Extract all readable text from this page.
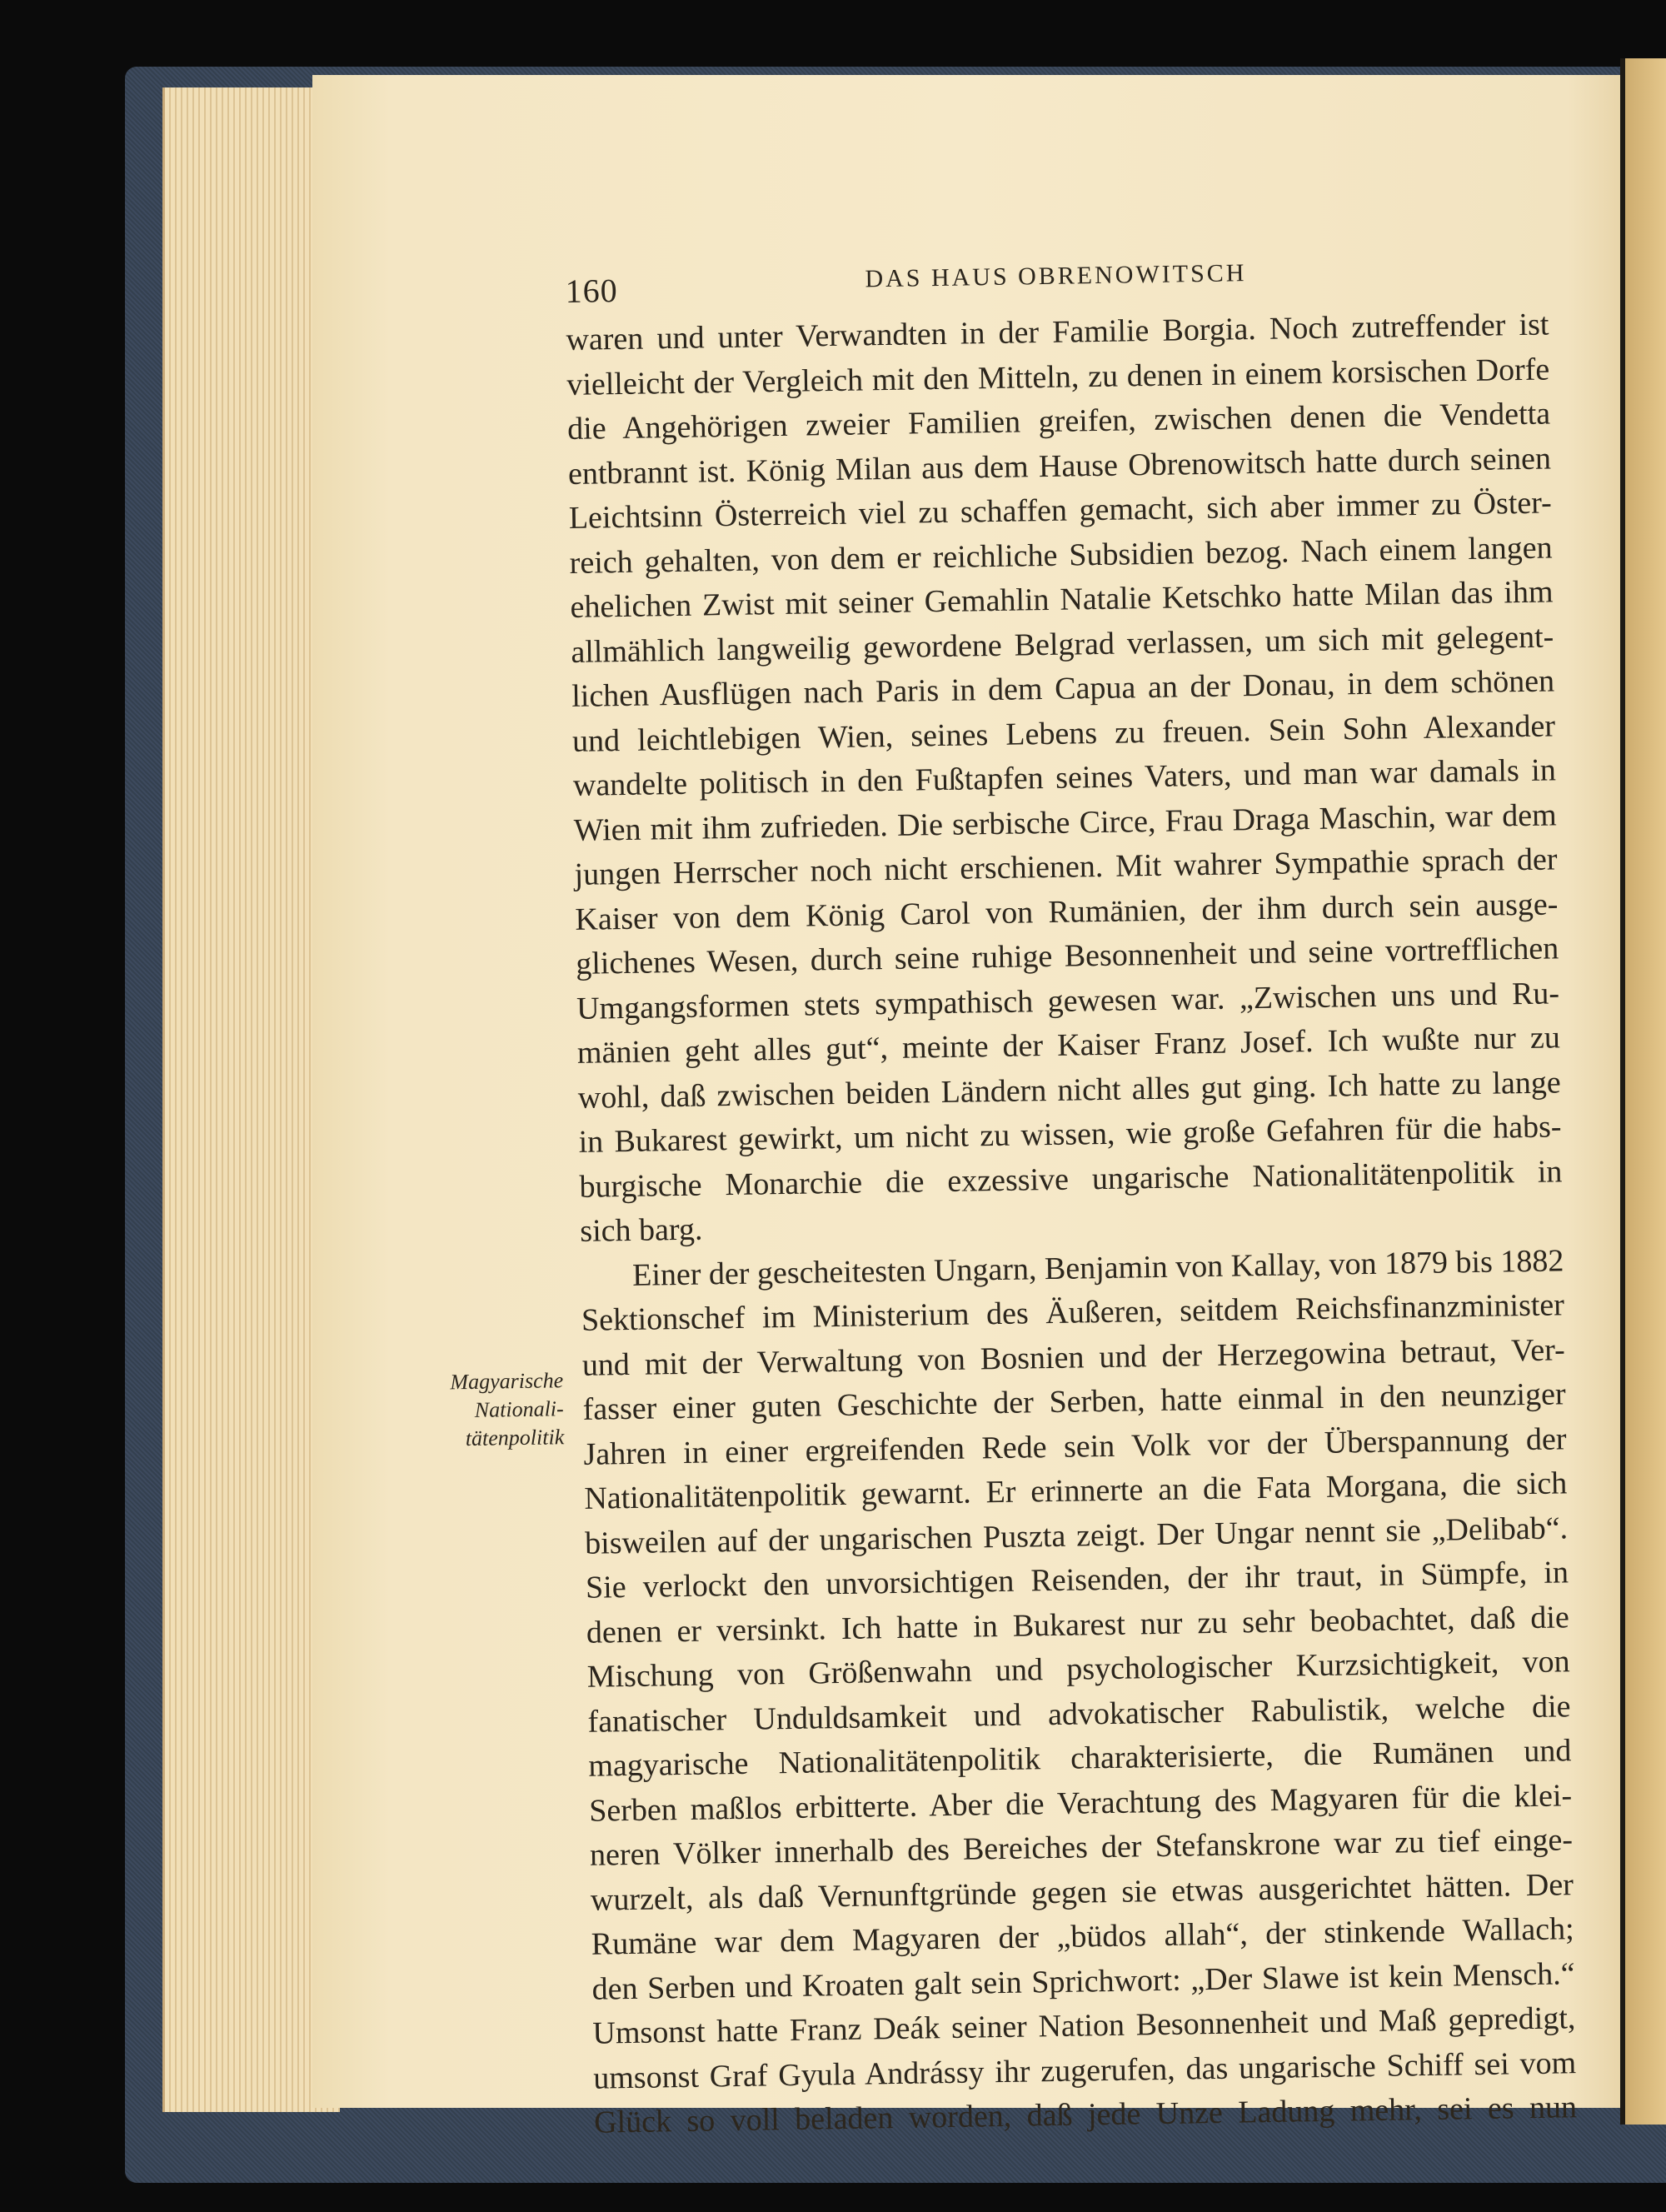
160	DAS HAUS OBRENOWITSCH
Magyarische
Nationali-
tätenpolitik
waren und unter Verwandten in der Familie Borgia. Noch zutreffender ist
vielleicht der Vergleich mit den Mitteln, zu denen in einem korsischen Dorfe
die Angehörigen zweier Familien greifen, zwischen denen die Vendetta
entbrannt ist. König Milan aus dem Hause Obrenowitsch hatte durch seinen
Leichtsinn Österreich viel zu schaffen gemacht, sich aber immer zu Öster-
reich gehalten, von dem er reichliche Subsidien bezog. Nach einem langen
ehelichen Zwist mit seiner Gemahlin Natalie Ketschko hatte Milan das ihm
allmählich langweilig gewordene Belgrad verlassen, um sich mit gelegent-
lichen Ausflügen nach Paris in dem Capua an der Donau, in dem schönen
und leichtlebigen Wien, seines Lebens zu freuen. Sein Sohn Alexander
wandelte politisch in den Fußtapfen seines Vaters, und man war damals in
Wien mit ihm zufrieden. Die serbische Circe, Frau Draga Maschin, war dem
jungen Herrscher noch nicht erschienen. Mit wahrer Sympathie sprach der
Kaiser von dem König Carol von Rumänien, der ihm durch sein ausge-
glichenes Wesen, durch seine ruhige Besonnenheit und seine vortrefflichen
Umgangsformen stets sympathisch gewesen war. „Zwischen uns und Ru-
mänien geht alles gut“, meinte der Kaiser Franz Josef. Ich wußte nur zu
wohl, daß zwischen beiden Ländern nicht alles gut ging. Ich hatte zu lange
in Bukarest gewirkt, um nicht zu wissen, wie große Gefahren für die habs-
burgische Monarchie die exzessive ungarische Nationalitätenpolitik in
sich barg.
Einer der gescheitesten Ungarn, Benjamin von Kallay, von 1879 bis 1882
Sektionschef im Ministerium des Äußeren, seitdem Reichsfinanzminister
und mit der Verwaltung von Bosnien und der Herzegowina betraut, Ver-
fasser einer guten Geschichte der Serben, hatte einmal in den neunziger
Jahren in einer ergreifenden Rede sein Volk vor der Überspannung der
Nationalitätenpolitik gewarnt. Er erinnerte an die Fata Morgana, die sich
bisweilen auf der ungarischen Puszta zeigt. Der Ungar nennt sie „Delibab“.
Sie verlockt den unvorsichtigen Reisenden, der ihr traut, in Sümpfe, in
denen er versinkt. Ich hatte in Bukarest nur zu sehr beobachtet, daß die
Mischung von Größenwahn und psychologischer Kurzsichtigkeit, von
fanatischer Unduldsamkeit und advokatischer Rabulistik, welche die
magyarische Nationalitätenpolitik charakterisierte, die Rumänen und
Serben maßlos erbitterte. Aber die Verachtung des Magyaren für die klei-
neren Völker innerhalb des Bereiches der Stefanskrone war zu tief einge-
wurzelt, als daß Vernunftgründe gegen sie etwas ausgerichtet hätten. Der
Rumäne war dem Magyaren der „büdos allah“, der stinkende Wallach;
den Serben und Kroaten galt sein Sprichwort: „Der Slawe ist kein Mensch.“
Umsonst hatte Franz Deák seiner Nation Besonnenheit und Maß gepredigt,
umsonst Graf Gyula Andrássy ihr zugerufen, das ungarische Schiff sei vom
Glück so voll beladen worden, daß jede Unze Ladung mehr, sei es nun
